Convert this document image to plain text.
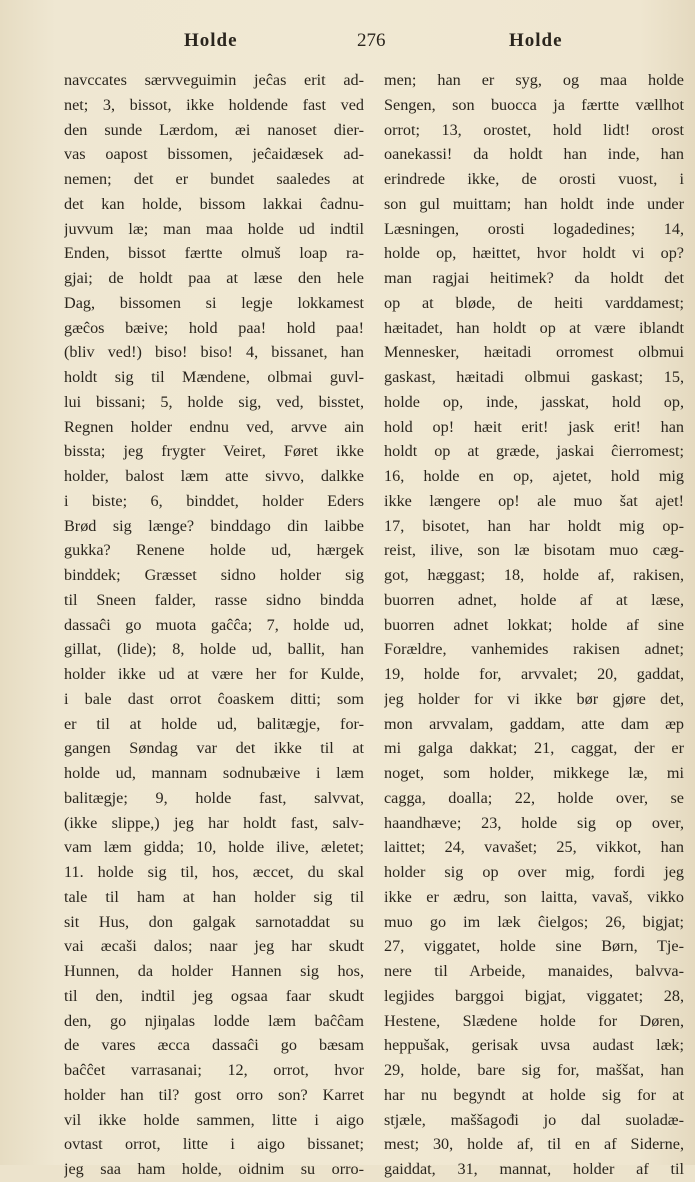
Holde	276	Holde
navccates særvveguimin jeĉas erit ad-
net; 3, bissot, ikke holdende fast ved
den sunde Lærdom, æi nanoset dier-
vas oapost bissomen, jeĉaidæsek ad-
nemen; det er bundet saaledes at
det kan holde, bissom lakkai ĉadnu-
juvvum læ; man maa holde ud indtil
Enden, bissot færtte olmuš loap ra-
gjai; de holdt paa at læse den hele
Dag, bissomen si legje lokkamest
gæĉos bæive; hold paa! hold paa!
(bliv ved!) biso! biso! 4, bissanet, han
holdt sig til Mændene, olbmai guvl-
lui bissani; 5, holde sig, ved, bisstet,
Regnen holder endnu ved, arvve ain
bissta; jeg frygter Veiret, Føret ikke
holder, balost læm atte sivvo, dalkke
i biste; 6, binddet, holder Eders
Brød sig længe? binddago din laibbe
gukka? Renene holde ud, hærgek
binddek; Græsset sidno holder sig
til Sneen falder, rasse sidno bindda
dassaĉi go muota gaĉĉa; 7, holde ud,
gillat, (lide); 8, holde ud, ballit, han
holder ikke ud at være her for Kulde,
i bale dast orrot ĉoaskem ditti; som
er til at holde ud, balitægje, for-
gangen Søndag var det ikke til at
holde ud, mannam sodnubæive i læm
balitægje; 9, holde fast, salvvat,
(ikke slippe,) jeg har holdt fast, salv-
vam læm gidda; 10, holde ilive, æletet;
11. holde sig til, hos, æccet, du skal
tale til ham at han holder sig til
sit Hus, don galgak sarnotaddat su
vai æcaši dalos; naar jeg har skudt
Hunnen, da holder Hannen sig hos,
til den, indtil jeg ogsaa faar skudt
den, go njiŋalas lodde læm baĉĉam
de vares æcca dassaĉi go bæsam
baĉĉet varrasanai; 12, orrot, hvor
holder han til? gost orro son? Karret
vil ikke holde sammen, litte i aigo
ovtast orrot, litte i aigo bissanet;
jeg saa ham holde, oidnim su orro-
men; han er syg, og maa holde
Sengen, son buocca ja færtte vællhot
orrot; 13, orostet, hold lidt! orost
oanekassi! da holdt han inde, han
erindrede ikke, de orosti vuost, i
son gul muittam; han holdt inde under
Læsningen, orosti logadedines; 14,
holde op, hæittet, hvor holdt vi op?
man ragjai heitimek? da holdt det
op at bløde, de heiti varddamest;
hæitadet, han holdt op at være iblandt
Mennesker, hæitadi orromest olbmui
gaskast, hæitadi olbmui gaskast; 15,
holde op, inde, jasskat, hold op,
hold op! hæit erit! jask erit! han
holdt op at græde, jaskai ĉierromest;
16, holde en op, ajetet, hold mig
ikke længere op! ale muo šat ajet!
17, bisotet, han har holdt mig op-
reist, ilive, son læ bisotam muo cæg-
got, hæggast; 18, holde af, rakisen,
buorren adnet, holde af at læse,
buorren adnet lokkat; holde af sine
Forældre, vanhemides rakisen adnet;
19, holde for, arvvalet; 20, gaddat,
jeg holder for vi ikke bør gjøre det,
mon arvvalam, gaddam, atte dam æp
mi galga dakkat; 21, caggat, der er
noget, som holder, mikkege læ, mi
cagga, doalla; 22, holde over, se
haandhæve; 23, holde sig op over,
laittet; 24, vavašet; 25, vikkot, han
holder sig op over mig, fordi jeg
ikke er ædru, son laitta, vavaš, vikko
muo go im læk ĉielgos; 26, bigjat;
27, viggatet, holde sine Børn, Tje-
nere til Arbeide, manaides, balvva-
legjides barggoi bigjat, viggatet; 28,
Hestene, Slædene holde for Døren,
heppušak, gerisak uvsa audast læk;
29, holde, bare sig for, maššat, han
har nu begyndt at holde sig for at
stjæle, maššagođi jo dal suoladæ-
mest; 30, holde af, til en af Siderne,
gaiddat, 31, mannat, holder af til
